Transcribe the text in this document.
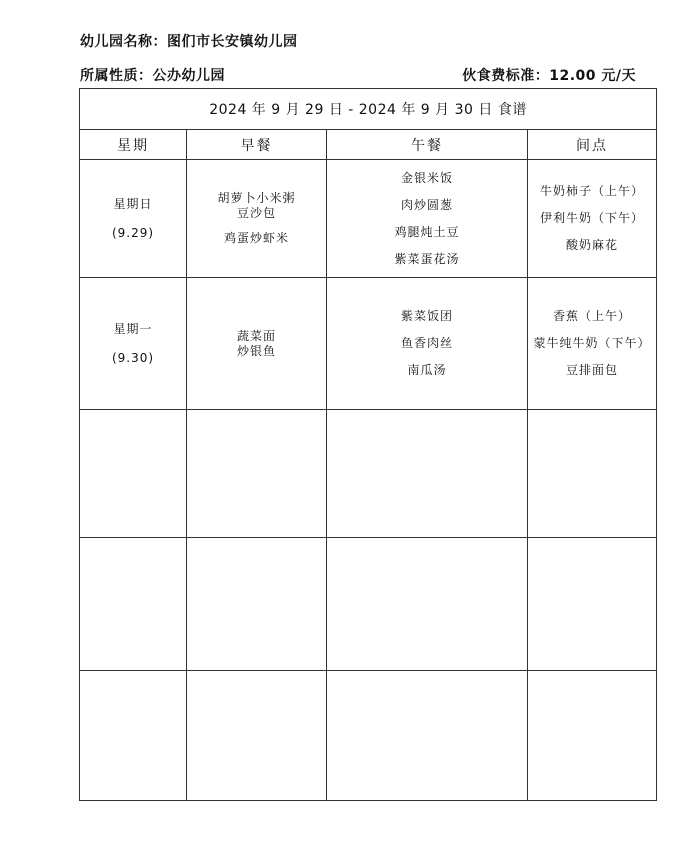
幼儿园名称：图们市长安镇幼儿园
所属性质：公办幼儿园	伙食费标准：12.00 元/天
2024 年 9 月 29 日 - 2024 年 9 月 30 日 食谱			
星期	早餐	午餐	间点

星期日
(9.29)	胡萝卜小米粥
豆沙包
鸡蛋炒虾米	金银米饭
肉炒圆葱
鸡腿炖土豆
紫菜蛋花汤	牛奶柿子（上午）
伊利牛奶（下午）
酸奶麻花

星期一
(9.30)	蔬菜面
炒银鱼	紫菜饭团
鱼香肉丝
南瓜汤	香蕉（上午）
蒙牛纯牛奶（下午）
豆排面包
